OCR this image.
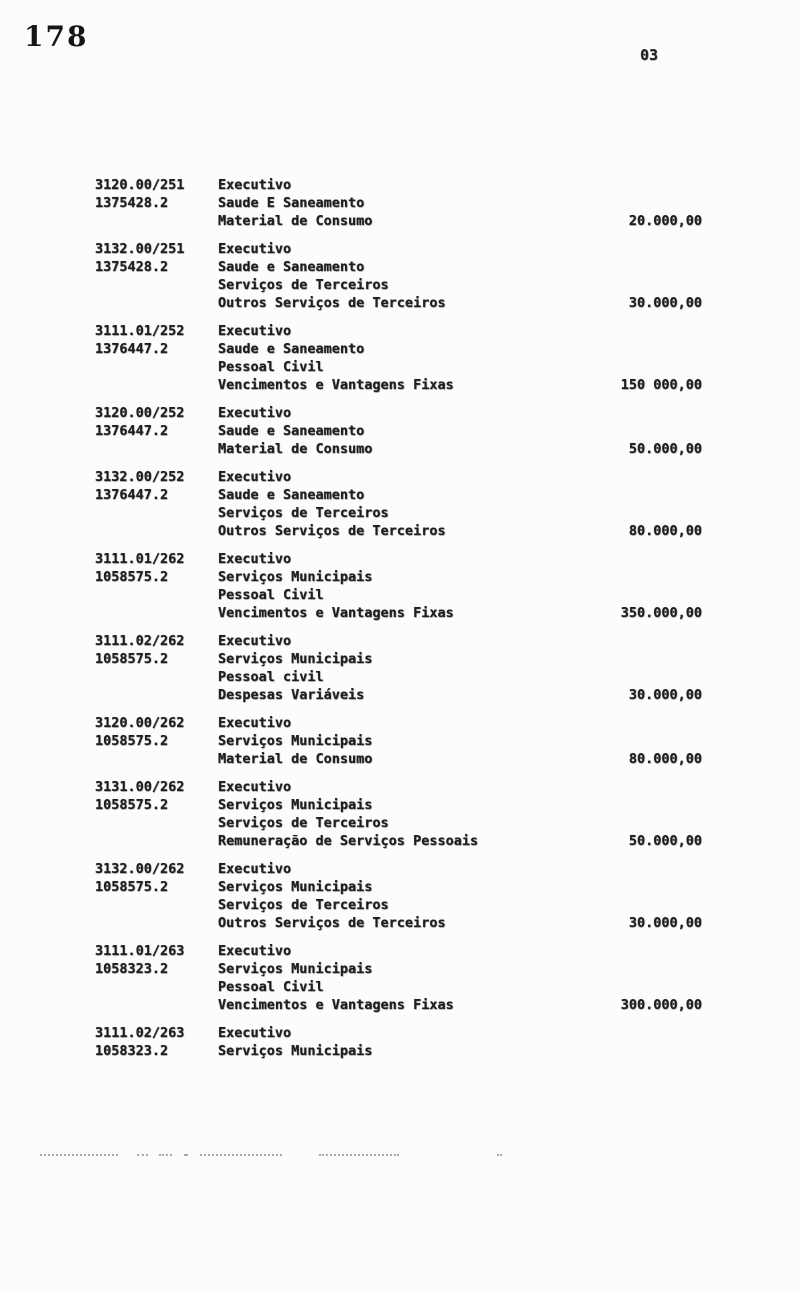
178
03
3120.00/251
1375428.2
Executivo
Saude E Saneamento
Material de Consumo	20.000,00
3132.00/251
1375428.2
Executivo
Saude e Saneamento
Serviços de Terceiros
Outros Serviços de Terceiros	30.000,00
3111.01/252
1376447.2
Executivo
Saude e Saneamento
Pessoal Civil
Vencimentos e Vantagens Fixas	150 000,00
3120.00/252
1376447.2
Executivo
Saude e Saneamento
Material de Consumo	50.000,00
3132.00/252
1376447.2
Executivo
Saude e Saneamento
Serviços de Terceiros
Outros Serviços de Terceiros	80.000,00
3111.01/262
1058575.2
Executivo
Serviços Municipais
Pessoal Civil
Vencimentos e Vantagens Fixas	350.000,00
3111.02/262
1058575.2
Executivo
Serviços Municipais
Pessoal civil
Despesas Variáveis	30.000,00
3120.00/262
1058575.2
Executivo
Serviços Municipais
Material de Consumo	80.000,00
3131.00/262
1058575.2
Executivo
Serviços Municipais
Serviços de Terceiros
Remuneração de Serviços Pessoais	50.000,00
3132.00/262
1058575.2
Executivo
Serviços Municipais
Serviços de Terceiros
Outros Serviços de Terceiros	30.000,00
3111.01/263
1058323.2
Executivo
Serviços Municipais
Pessoal Civil
Vencimentos e Vantagens Fixas	300.000,00
3111.02/263
1058323.2
Executivo
Serviços Municipais
